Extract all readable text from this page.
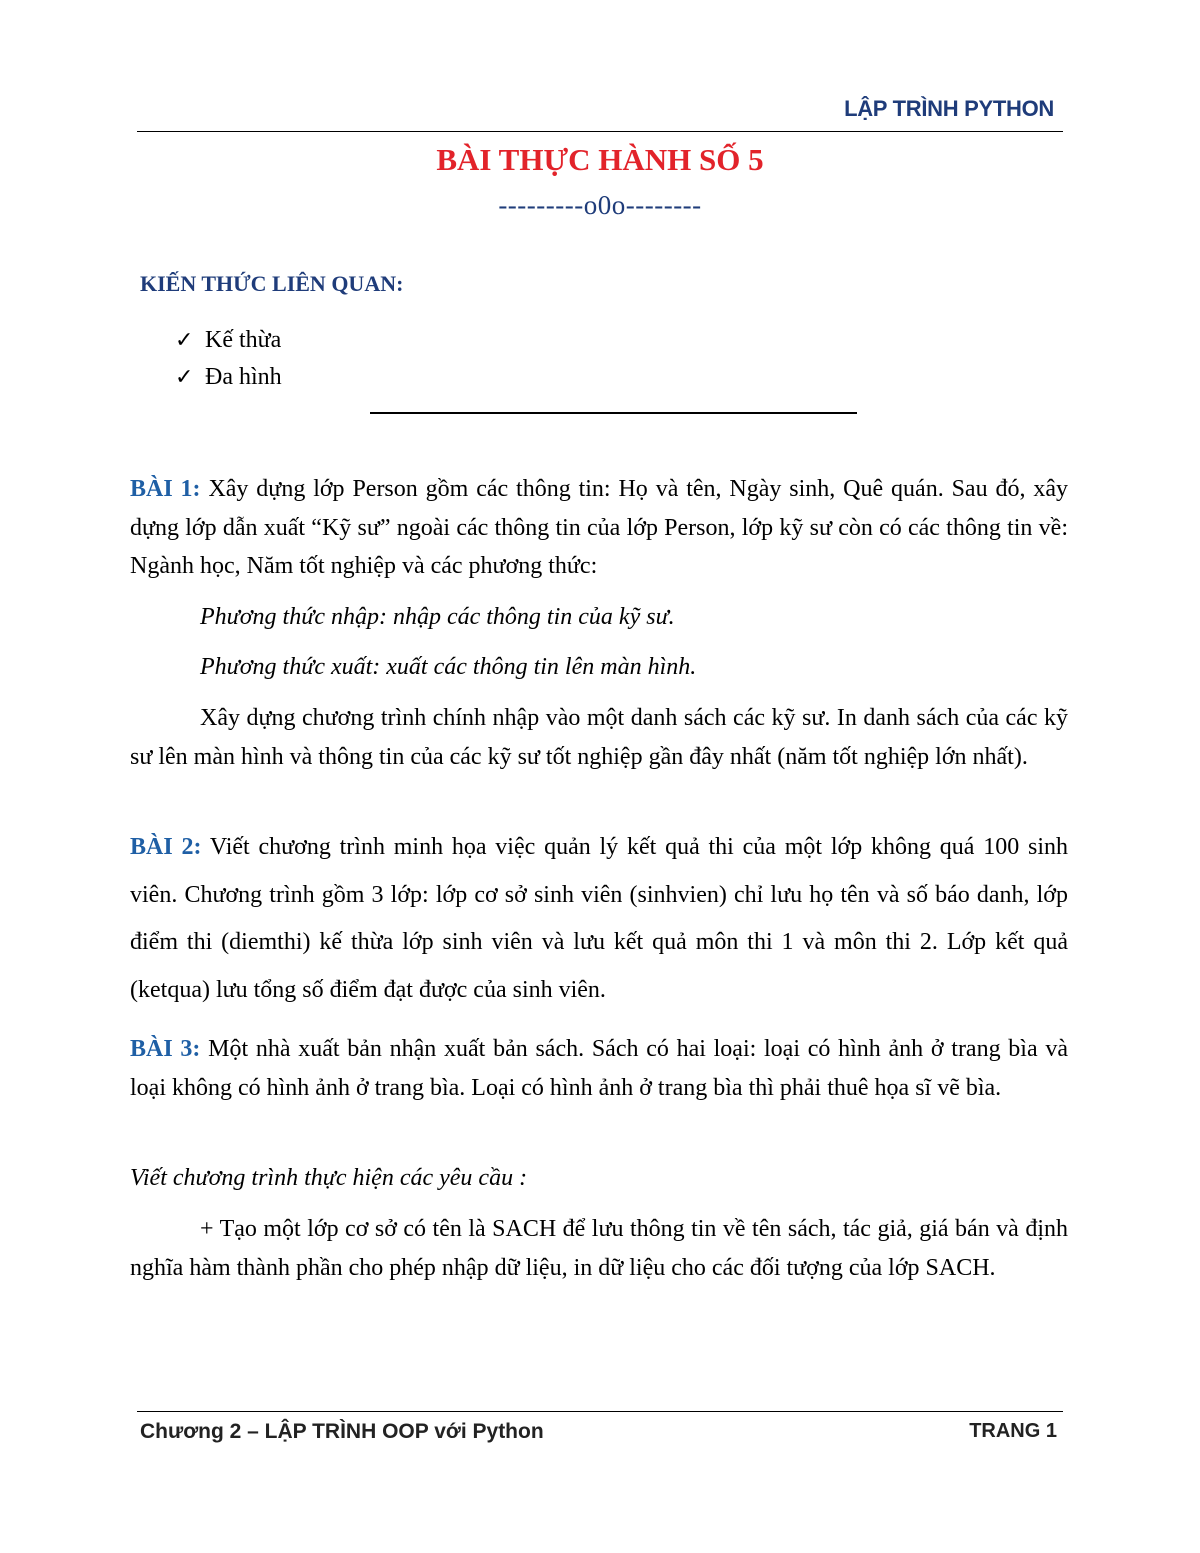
LẬP TRÌNH PYTHON
BÀI THỰC HÀNH SỐ 5
---------o0o--------
KIẾN THỨC LIÊN QUAN:
✓ Kế thừa
✓ Đa hình

BÀI 1: Xây dựng lớp Person gồm các thông tin: Họ và tên, Ngày sinh, Quê quán. Sau đó, xây dựng lớp dẫn xuất “Kỹ sư” ngoài các thông tin của lớp Person, lớp kỹ sư còn có các thông tin về: Ngành học, Năm tốt nghiệp và các phương thức:

Phương thức nhập: nhập các thông tin của kỹ sư.
Phương thức xuất: xuất các thông tin lên màn hình.

Xây dựng chương trình chính nhập vào một danh sách các kỹ sư. In danh sách của các kỹ sư lên màn hình và thông tin của các kỹ sư tốt nghiệp gần đây nhất (năm tốt nghiệp lớn nhất).

BÀI 2: Viết chương trình minh họa việc quản lý kết quả thi của một lớp không quá 100 sinh viên. Chương trình gồm 3 lớp: lớp cơ sở sinh viên (sinhvien) chỉ lưu họ tên và số báo danh, lớp điểm thi (diemthi) kế thừa lớp sinh viên và lưu kết quả môn thi 1 và môn thi 2. Lớp kết quả (ketqua) lưu tổng số điểm đạt được của sinh viên.

BÀI 3: Một nhà xuất bản nhận xuất bản sách. Sách có hai loại: loại có hình ảnh ở trang bìa và loại không có hình ảnh ở trang bìa. Loại có hình ảnh ở trang bìa thì phải thuê họa sĩ vẽ bìa.

Viết chương trình thực hiện các yêu cầu :

+ Tạo một lớp cơ sở có tên là SACH để lưu thông tin về tên sách, tác giả, giá bán và định nghĩa hàm thành phần cho phép nhập dữ liệu, in dữ liệu cho các đối tượng của lớp SACH.

Chương 2 – LẬP TRÌNH OOP với Python	TRANG 1
